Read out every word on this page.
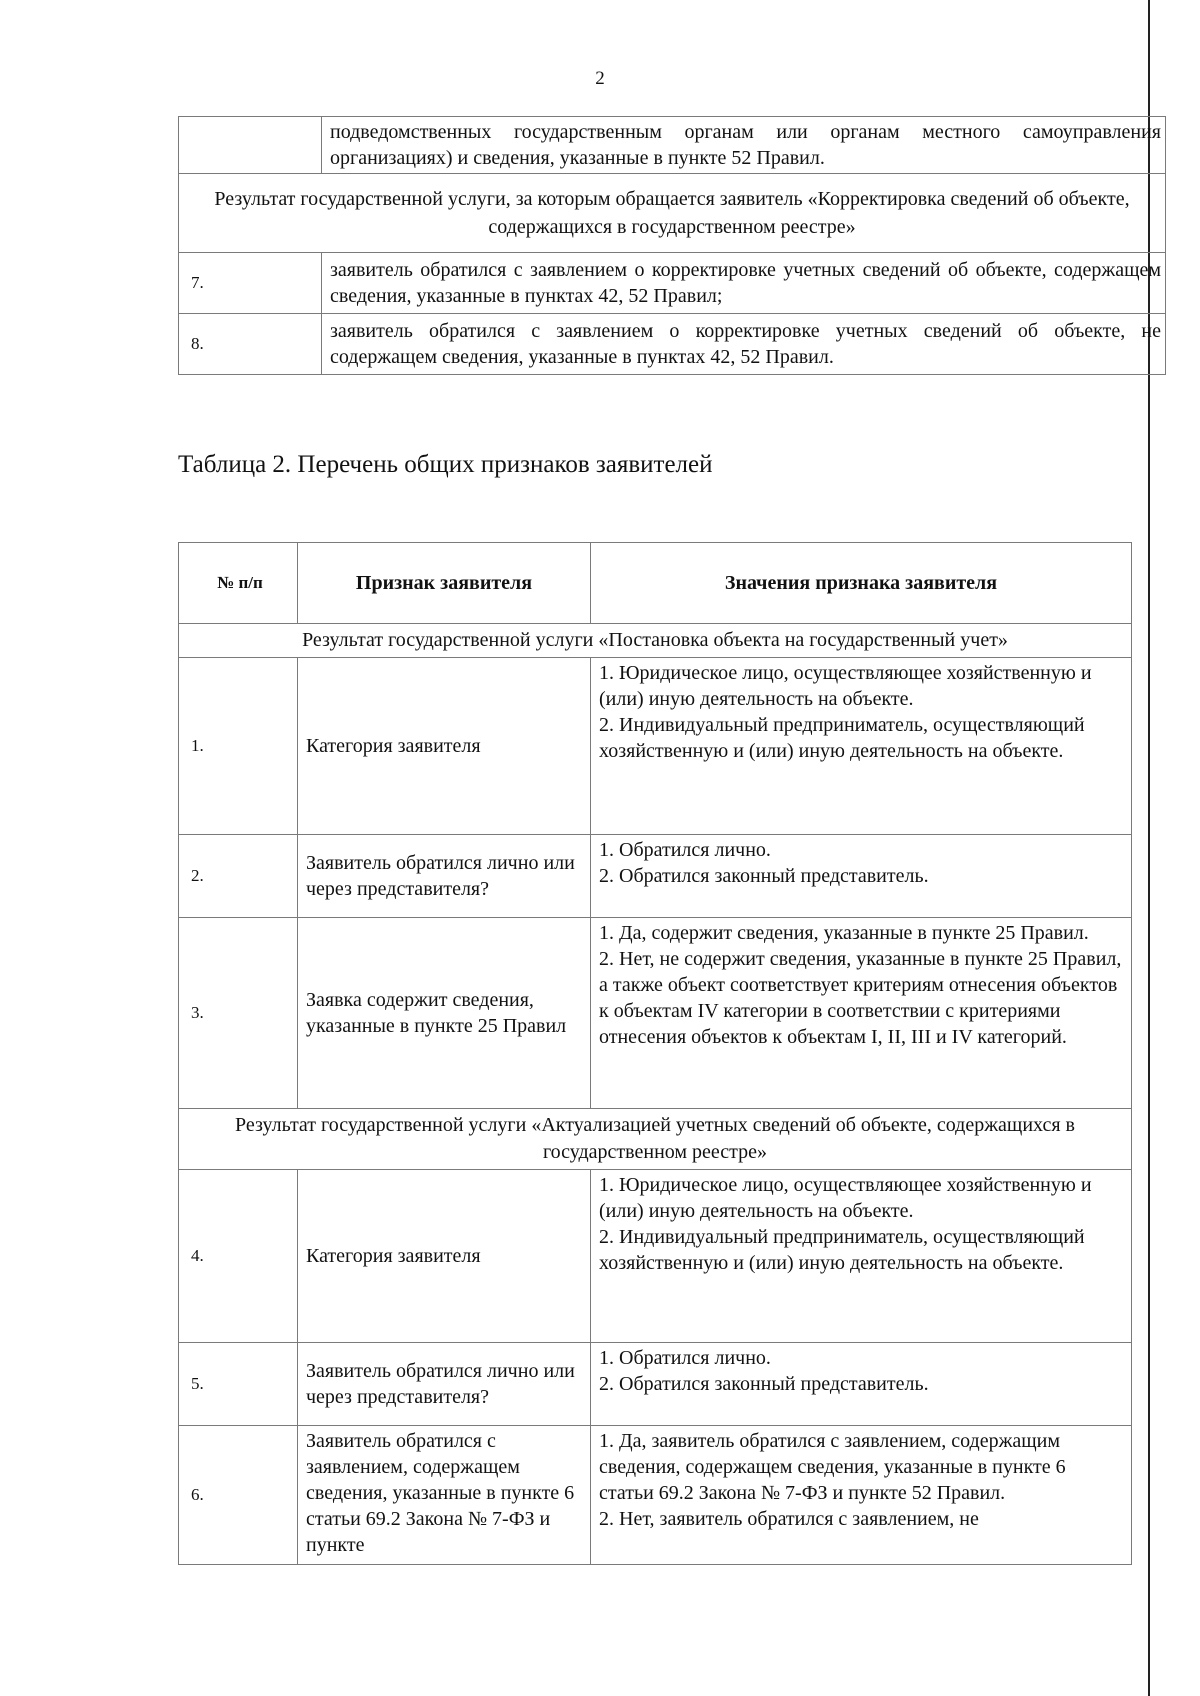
2
	подведомственных государственным органам или органам местного самоуправления организациях) и сведения, указанные в пункте 52 Правил.
Результат государственной услуги, за которым обращается заявитель «Корректировка сведений об объекте, содержащихся в государственном реестре»	
7.	заявитель обратился с заявлением о корректировке учетных сведений об объекте, содержащем сведения, указанные в пунктах 42, 52 Правил;
8.	заявитель обратился с заявлением о корректировке учетных сведений об объекте, не содержащем сведения, указанные в пунктах 42, 52 Правил.
Таблица 2. Перечень общих признаков заявителей
№ п/п	Признак заявителя	Значения признака заявителя
Результат государственной услуги «Постановка объекта на государственный учет»		
1.	Категория заявителя	1. Юридическое лицо, осуществляющее хозяйственную и (или) иную деятельность на объекте.
2. Индивидуальный предприниматель, осуществляющий хозяйственную и (или) иную деятельность на объекте.

2.	Заявитель обратился лично или через представителя?	1. Обратился лично.
2. Обратился законный представитель.

3.	Заявка содержит сведения, указанные в пункте 25 Правил	1. Да, содержит сведения, указанные в пункте 25 Правил.
2. Нет, не содержит сведения, указанные в пункте 25 Правил, а также объект соответствует критериям отнесения объектов к объектам IV категории в соответствии с критериями отнесения объектов к объектам I, II, III и IV категорий.

Результат государственной услуги «Актуализацией учетных сведений об объекте, содержащихся в государственном реестре»		
4.	Категория заявителя	1. Юридическое лицо, осуществляющее хозяйственную и (или) иную деятельность на объекте.
2. Индивидуальный предприниматель, осуществляющий хозяйственную и (или) иную деятельность на объекте.

5.	Заявитель обратился лично или через представителя?	1. Обратился лично.
2. Обратился законный представитель.

6.	Заявитель обратился с заявлением, содержащем сведения, указанные в пункте 6 статьи 69.2 Закона № 7-ФЗ и пункте	1. Да, заявитель обратился с заявлением, содержащим сведения, содержащем сведения, указанные в пункте 6 статьи 69.2 Закона № 7-ФЗ и пункте 52 Правил.
2. Нет, заявитель обратился с заявлением, не
